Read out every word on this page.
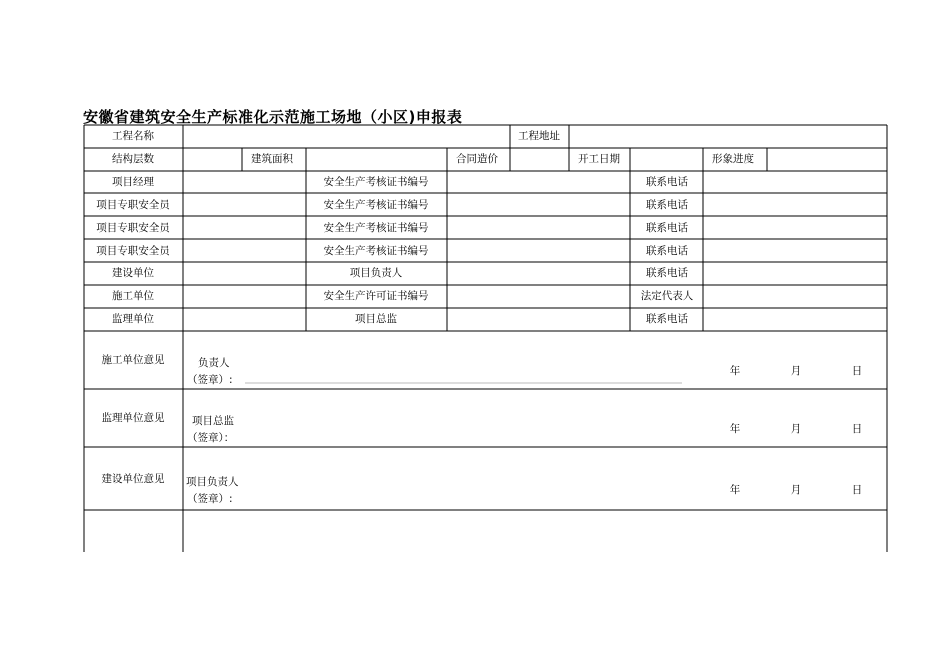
安徽省建筑安全生产标准化示范施工场地（小区)申报表
工程名称	工程地址
结构层数	建筑面积	合同造价	开工日期	形象进度
项目经理	安全生产考核证书编号	联系电话
项目专职安全员	安全生产考核证书编号	联系电话
项目专职安全员	安全生产考核证书编号	联系电话
项目专职安全员	安全生产考核证书编号	联系电话
建设单位	项目负责人	联系电话
施工单位	安全生产许可证书编号	法定代表人
监理单位	项目总监	联系电话
施工单位意见	负责人
（签章）:
年	月	日
监理单位意见	项目总监
（签章）：
年	月	日
建设单位意见 项目负责人
（签章）:
年	月	日
